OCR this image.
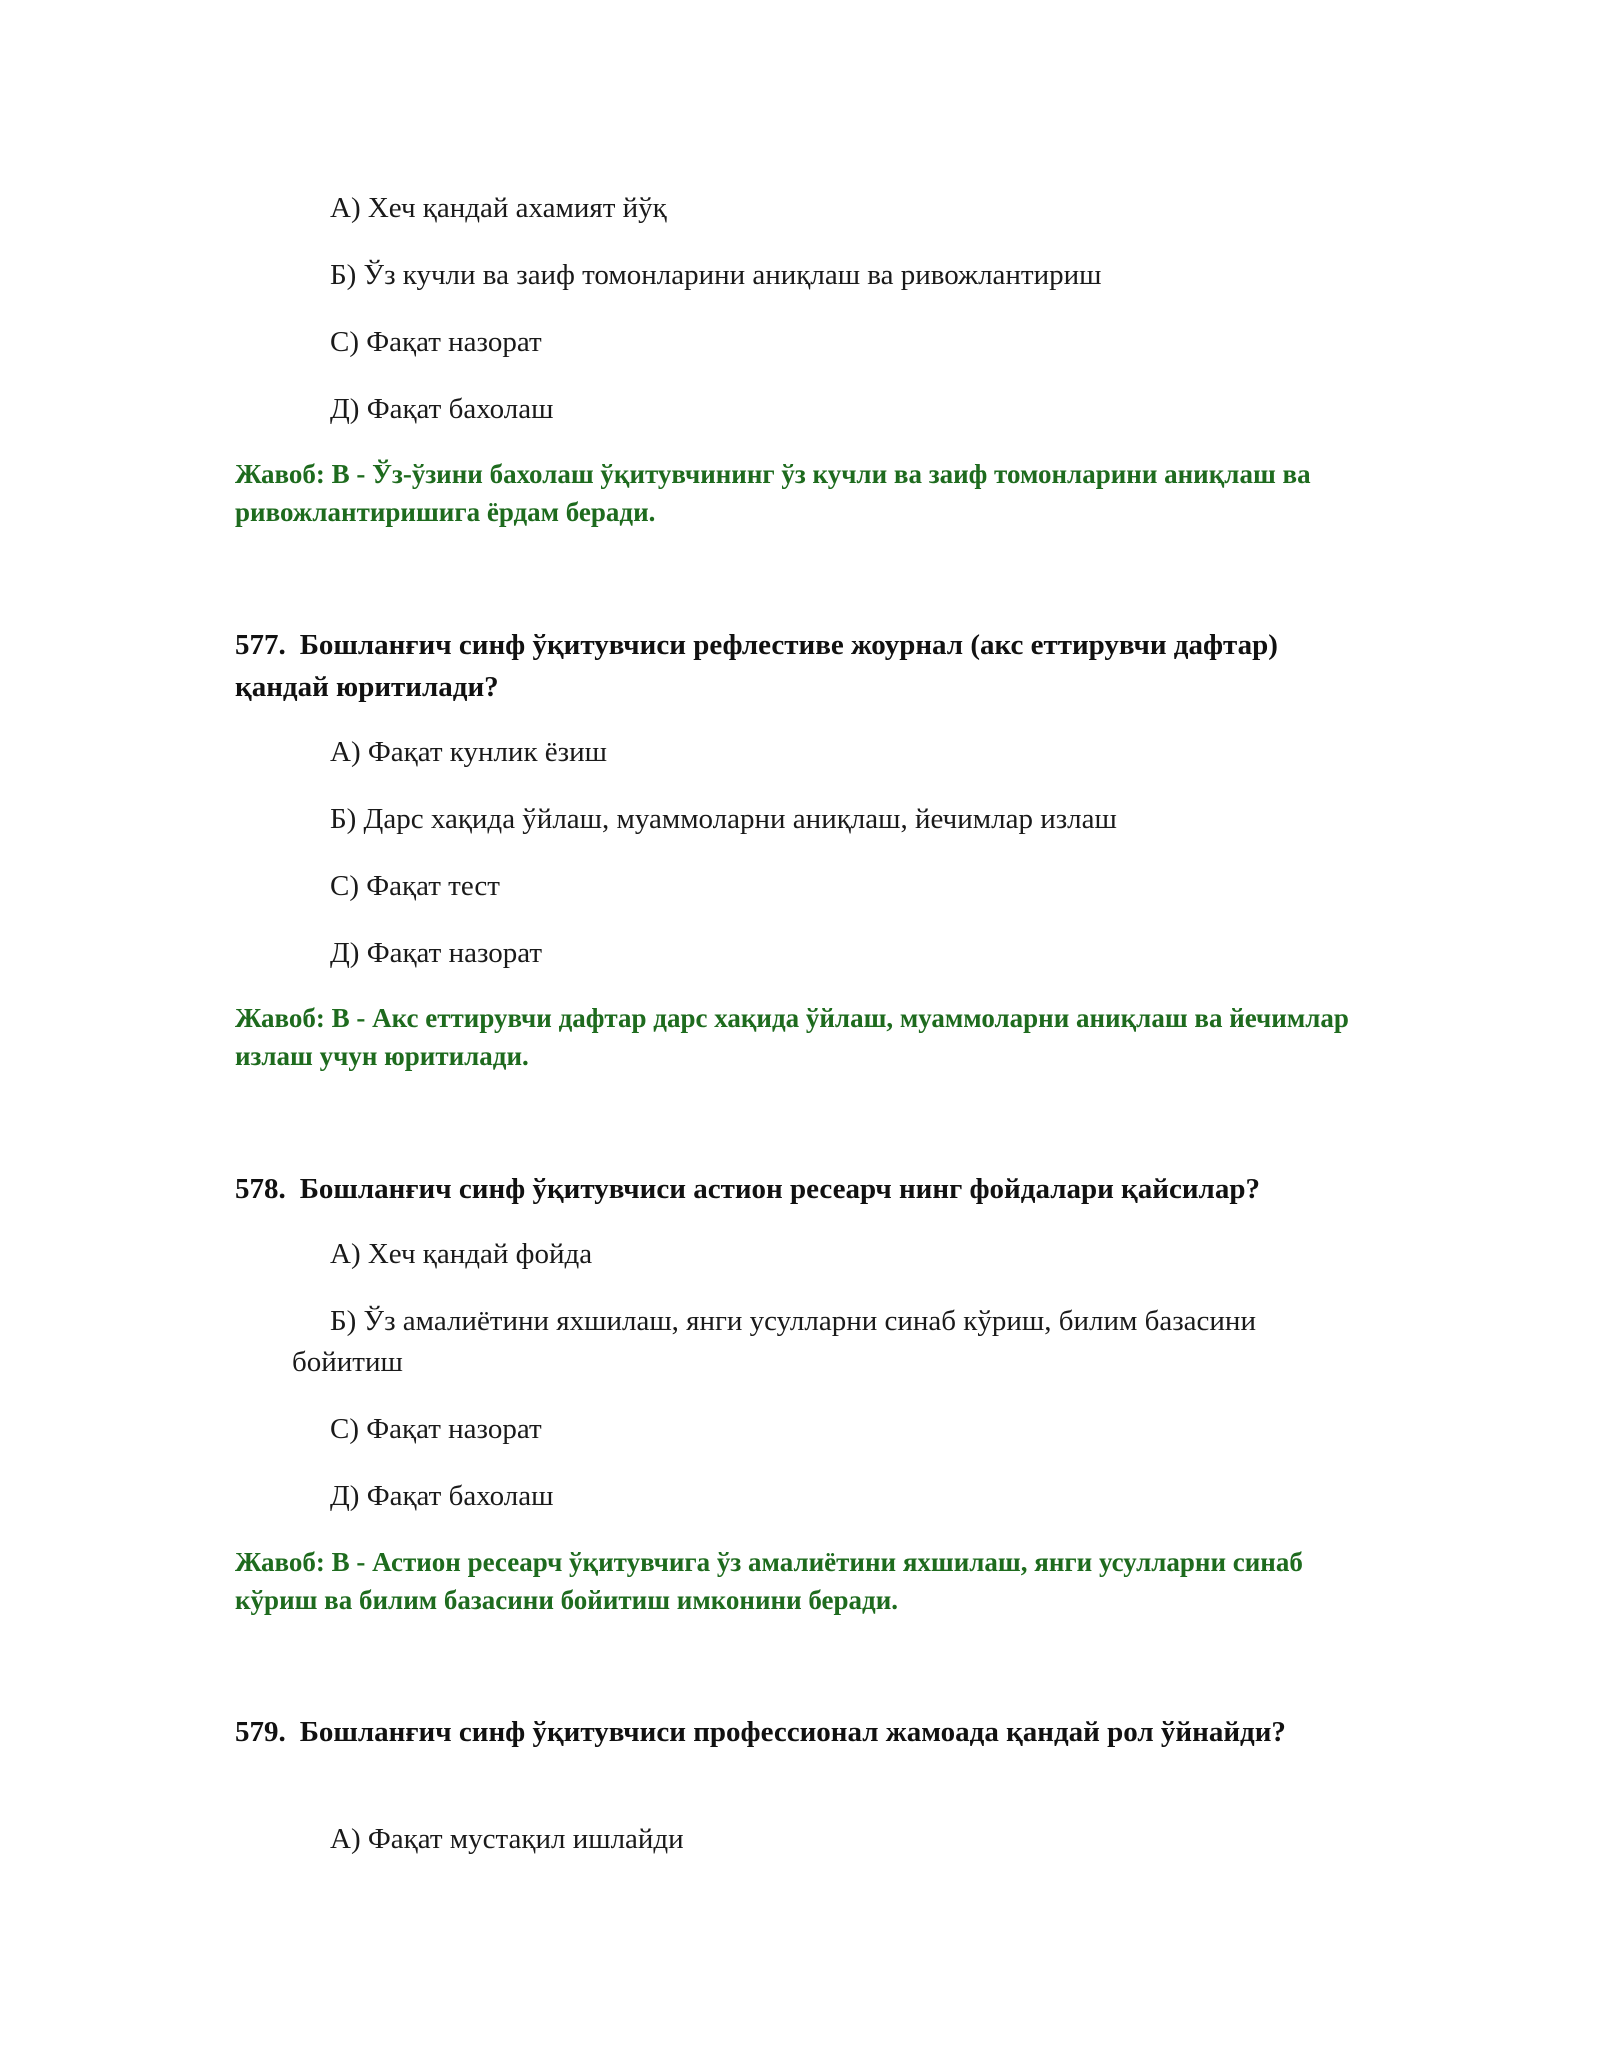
А) Хеч қандай ахамият йўқ
Б) Ўз кучли ва заиф томонларини аниқлаш ва ривожлантириш
С) Фақат назорат
Д) Фақат бахолаш
Жавоб: B - Ўз-ўзини бахолаш ўқитувчининг ўз кучли ва заиф томонларини аниқлаш ва ривожлантиришига ёрдам беради.
577. Бошланғич синф ўқитувчиси рефлестиве жоурнал (акс еттирувчи дафтар) қандай юритилади?
А) Фақат кунлик ёзиш
Б) Дарс хақида ўйлаш, муаммоларни аниқлаш, йечимлар излаш
С) Фақат тест
Д) Фақат назорат
Жавоб: B - Акс еттирувчи дафтар дарс хақида ўйлаш, муаммоларни аниқлаш ва йечимлар излаш учун юритилади.
578. Бошланғич синф ўқитувчиси астион ресеарч нинг фойдалари қайсилар?
А) Хеч қандай фойда
Б) Ўз амалиётини яхшилаш, янги усулларни синаб кўриш, билим базасини бойитиш
С) Фақат назорат
Д) Фақат бахолаш
Жавоб: B - Астион ресеарч ўқитувчига ўз амалиётини яхшилаш, янги усулларни синаб кўриш ва билим базасини бойитиш имконини беради.
579. Бошланғич синф ўқитувчиси профессионал жамоада қандай рол ўйнайди?
А) Фақат мустақил ишлайди
